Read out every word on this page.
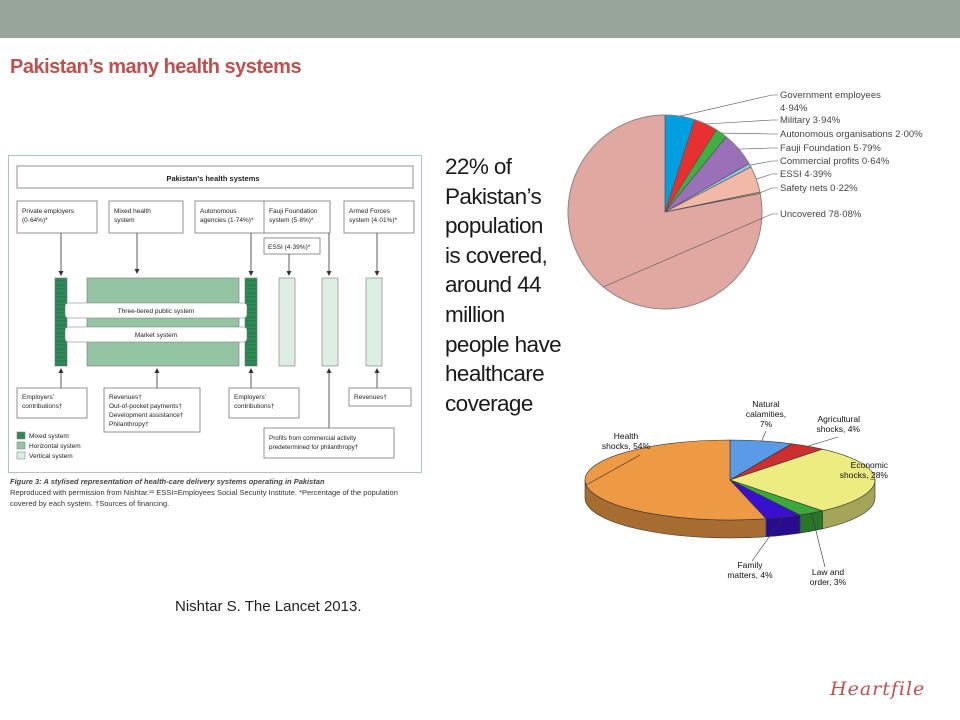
Pakistan’s many health systems
Pakistan’s health systems
Private employers
(0·64%)*
Mixed health
system
Autonomous
agencies (1·74%)*
Fauji Foundation
system (5·8%)*
Armed Forces
system (4·01%)*
ESSI (4·39%)*
Three-tiered public system
Market system
Employers’
contributions†
Revenues†
Out-of-pocket payments†
Development assistance†
Philanthropy†
Employers’
contributions†
Revenues†
Profits from commercial activity
predetermined for philanthropy†
Mixed system
Horizontal system
Vertical system
Figure 3: A stylised representation of health-care delivery systems operating in Pakistan
Reproduced with permission from Nishtar.²¹ ESSI=Employees Social Security Institute. *Percentage of the population covered by each system. †Sources of financing.
22% of
Pakistan’s
population
is covered,
around 44
million
people have
healthcare
coverage
Government employees
4·94%
Military 3·94%
Autonomous organisations 2·00%
Fauji Foundation 5·79%
Commercial profits 0·64%
ESSI 4·39%
Safety nets 0·22%
Uncovered 78·08%
Natural
calamities,
7%	Agricultural
shocks, 4%
Economic
shocks, 28%
Law and
order, 3%
Family
matters, 4%
Health
shocks, 54%
Nishtar S. The Lancet 2013.
Heartfile
